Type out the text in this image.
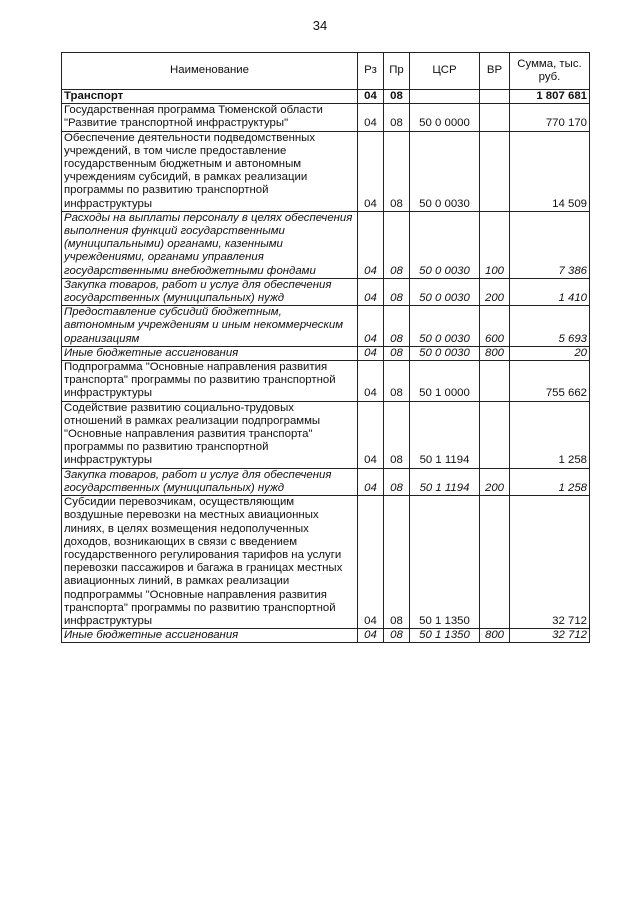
34
Наименование	Рз	Пр	ЦСР	ВР	Сумма, тыс. руб.
Транспорт	04	08			1 807 681
Государственная программа Тюменской области "Развитие транспортной инфраструктуры"	04	08	50 0 0000		770 170
Обеспечение деятельности подведомственных учреждений, в том числе предоставление государственным бюджетным и автономным учреждениям субсидий, в рамках реализации программы по развитию транспортной инфраструктуры	04	08	50 0 0030		14 509
Расходы на выплаты персоналу в целях обеспечения выполнения функций государственными (муниципальными) органами, казенными учреждениями, органами управления государственными внебюджетными фондами	04	08	50 0 0030	100	7 386
Закупка товаров, работ и услуг для обеспечения государственных (муниципальных) нужд	04	08	50 0 0030	200	1 410
Предоставление субсидий бюджетным, автономным учреждениям и иным некоммерческим организациям	04	08	50 0 0030	600	5 693
Иные бюджетные ассигнования	04	08	50 0 0030	800	20
Подпрограмма "Основные направления развития транспорта" программы по развитию транспортной инфраструктуры	04	08	50 1 0000		755 662
Содействие развитию социально-трудовых отношений в рамках реализации подпрограммы "Основные направления развития транспорта" программы по развитию транспортной инфраструктуры	04	08	50 1 1194		1 258
Закупка товаров, работ и услуг для обеспечения государственных (муниципальных) нужд	04	08	50 1 1194	200	1 258
Субсидии перевозчикам, осуществляющим воздушные перевозки на местных авиационных линиях, в целях возмещения недополученных доходов, возникающих в связи с введением государственного регулирования тарифов на услуги перевозки пассажиров и багажа в границах местных авиационных линий, в рамках реализации подпрограммы "Основные направления развития транспорта" программы по развитию транспортной инфраструктуры	04	08	50 1 1350		32 712
Иные бюджетные ассигнования	04	08	50 1 1350	800	32 712
